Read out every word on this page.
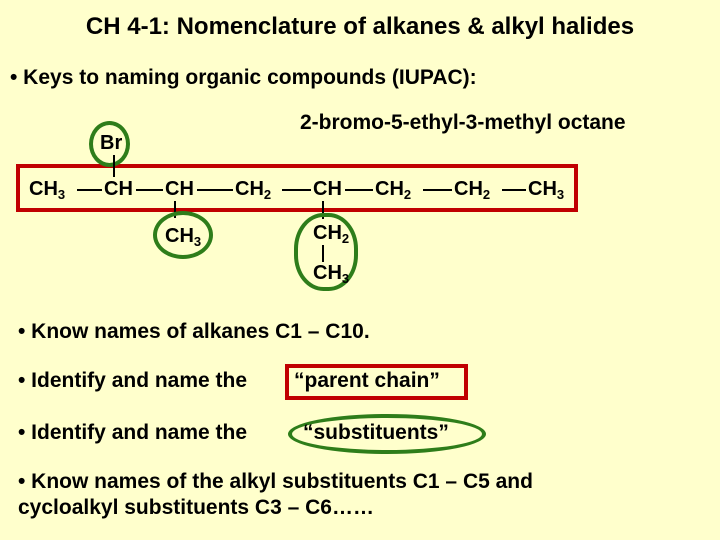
CH 4-1: Nomenclature of alkanes & alkyl halides
• Keys to naming organic compounds (IUPAC):
2-bromo-5-ethyl-3-methyl octane
$CH_3$ CH CH $CH_2$ CH $CH_2$ $CH_2$ $CH_3$
Br
$CH_3$	$CH_2$
$CH_3$
• Know names of alkanes C1 – C10.
• Identify and name the “parent chain”
• Identify and name the	“substituents”
• Know names of the alkyl substituents C1 – C5 and
cycloalkyl substituents C3 – C6……
